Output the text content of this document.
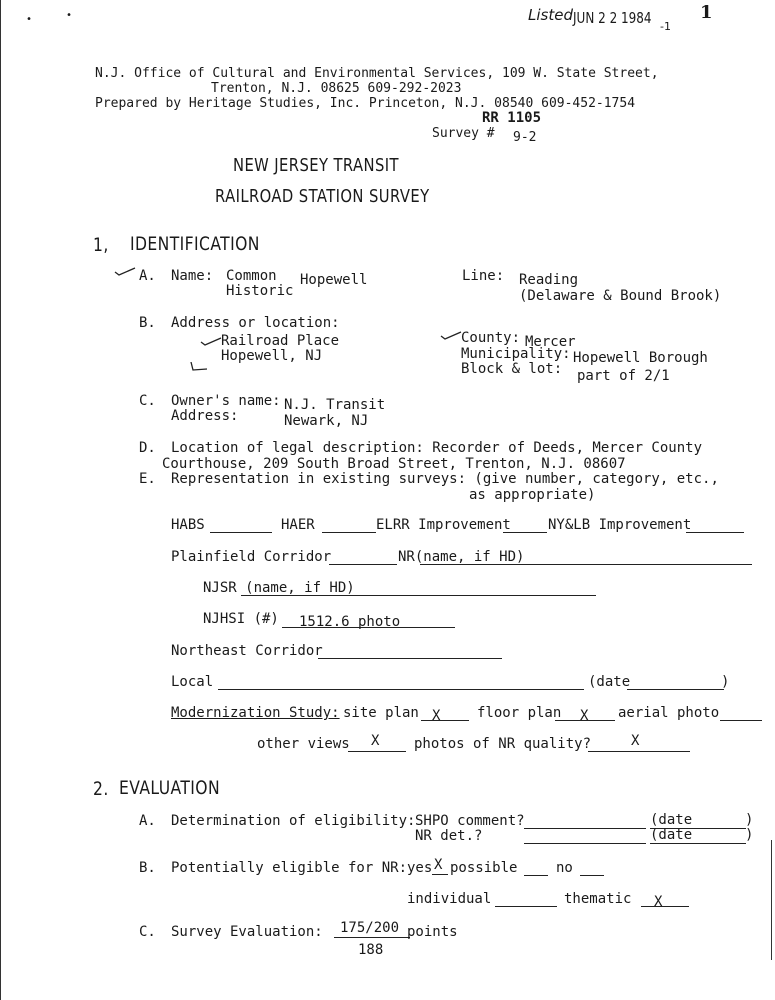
Listed JUN 2 2 1984 -1
1
•	•
N.J. Office of Cultural and Environmental Services, 109 W. State Street,
Trenton, N.J. 08625 609-292-2023
Prepared by Heritage Studies, Inc. Princeton, N.J. 08540 609-452-1754
RR 1105
Survey # 9-2
NEW JERSEY TRANSIT
RAILROAD STATION SURVEY
1, IDENTIFICATION
A. Name: Common
Historic
Hopewell	Line: Reading
(Delaware & Bound Brook)
B. Address or location:
Railroad Place
Hopewell, NJ
County: Mercer
Municipality: Hopewell Borough
Block & lot: part of 2/1
C. Owner's name: N.J. Transit
Address:	Newark, NJ
D. Location of legal description: Recorder of Deeds, Mercer County
Courthouse, 209 South Broad Street, Trenton, N.J. 08607
E. Representation in existing surveys: (give number, category, etc.,
as appropriate)
HABS	HAER	ELRR Improvement	NY&LB Improvement
Plainfield Corridor	NR(name, if HD)
NJSR (name, if HD)
NJHSI (#) 1512.6 photo
Northeast Corridor
Local	(date	)
Modernization Study: site plan X	floor plan X aerial photo
other views X photos of NR quality?	X
2. EVALUATION
A. Determination of eligibility: SHPO comment?	(date	)
NR det.?	(date	)
B. Potentially eligible for NR: yes X possible	no
individual	thematic X
C. Survey Evaluation: 175/200 points
188
